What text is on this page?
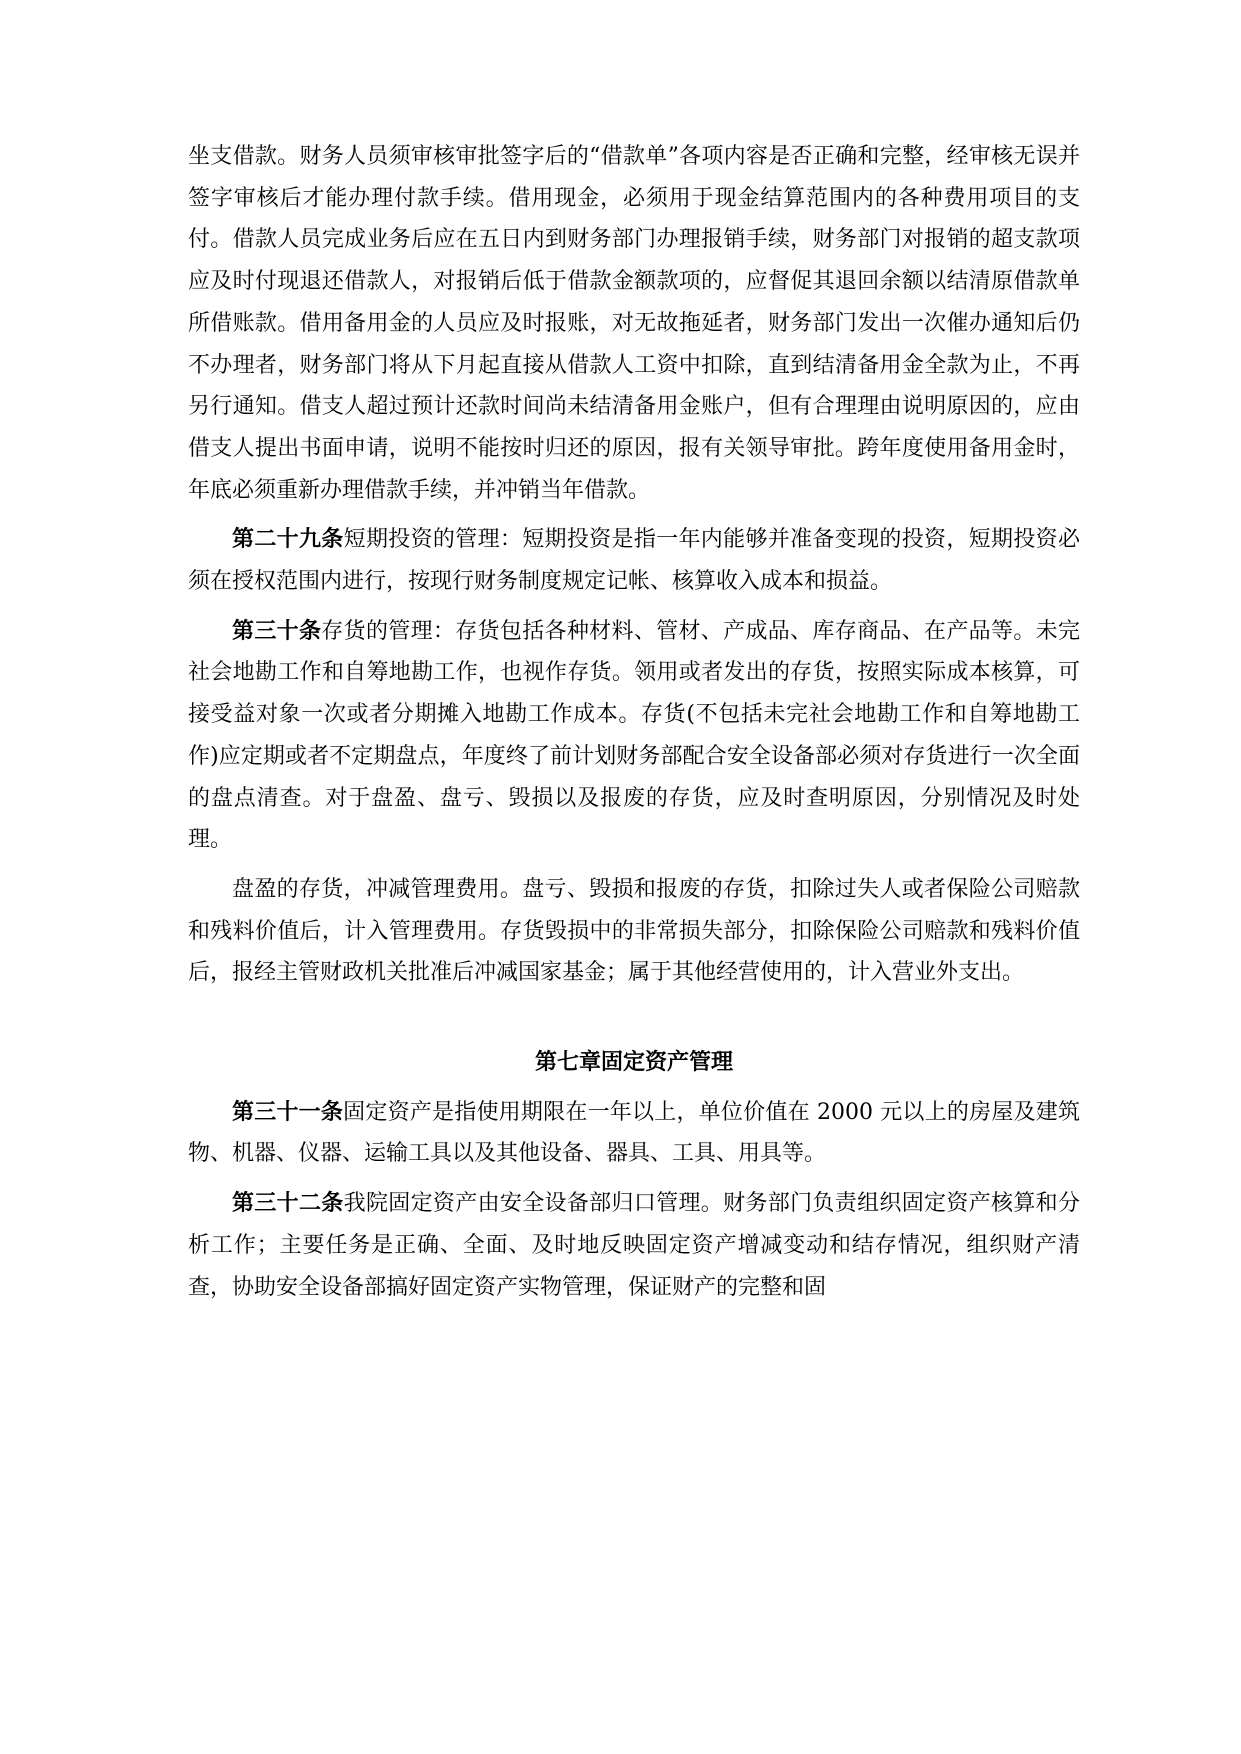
坐支借款。财务人员须审核审批签字后的“借款单”各项内容是否正确和完整，经审核无误并签字审核后才能办理付款手续。借用现金，必须用于现金结算范围内的各种费用项目的支付。借款人员完成业务后应在五日内到财务部门办理报销手续，财务部门对报销的超支款项应及时付现退还借款人，对报销后低于借款金额款项的，应督促其退回余额以结清原借款单所借账款。借用备用金的人员应及时报账，对无故拖延者，财务部门发出一次催办通知后仍不办理者，财务部门将从下月起直接从借款人工资中扣除，直到结清备用金全款为止，不再另行通知。借支人超过预计还款时间尚未结清备用金账户，但有合理理由说明原因的，应由借支人提出书面申请，说明不能按时归还的原因，报有关领导审批。跨年度使用备用金时，年底必须重新办理借款手续，并冲销当年借款。

第二十九条短期投资的管理：短期投资是指一年内能够并准备变现的投资，短期投资必须在授权范围内进行，按现行财务制度规定记帐、核算收入成本和损益。

第三十条存货的管理：存货包括各种材料、管材、产成品、库存商品、在产品等。未完社会地勘工作和自筹地勘工作，也视作存货。领用或者发出的存货，按照实际成本核算，可接受益对象一次或者分期摊入地勘工作成本。存货(不包括未完社会地勘工作和自筹地勘工作)应定期或者不定期盘点，年度终了前计划财务部配合安全设备部必须对存货进行一次全面的盘点清查。对于盘盈、盘亏、毁损以及报废的存货，应及时查明原因，分别情况及时处理。

盘盈的存货，冲减管理费用。盘亏、毁损和报废的存货，扣除过失人或者保险公司赔款和残料价值后，计入管理费用。存货毁损中的非常损失部分，扣除保险公司赔款和残料价值后，报经主管财政机关批准后冲减国家基金；属于其他经营使用的，计入营业外支出。

第七章固定资产管理

第三十一条固定资产是指使用期限在一年以上，单位价值在 2000 元以上的房屋及建筑物、机器、仪器、运输工具以及其他设备、器具、工具、用具等。

第三十二条我院固定资产由安全设备部归口管理。财务部门负责组织固定资产核算和分析工作；主要任务是正确、全面、及时地反映固定资产增减变动和结存情况，组织财产清查，协助安全设备部搞好固定资产实物管理，保证财产的完整和固
